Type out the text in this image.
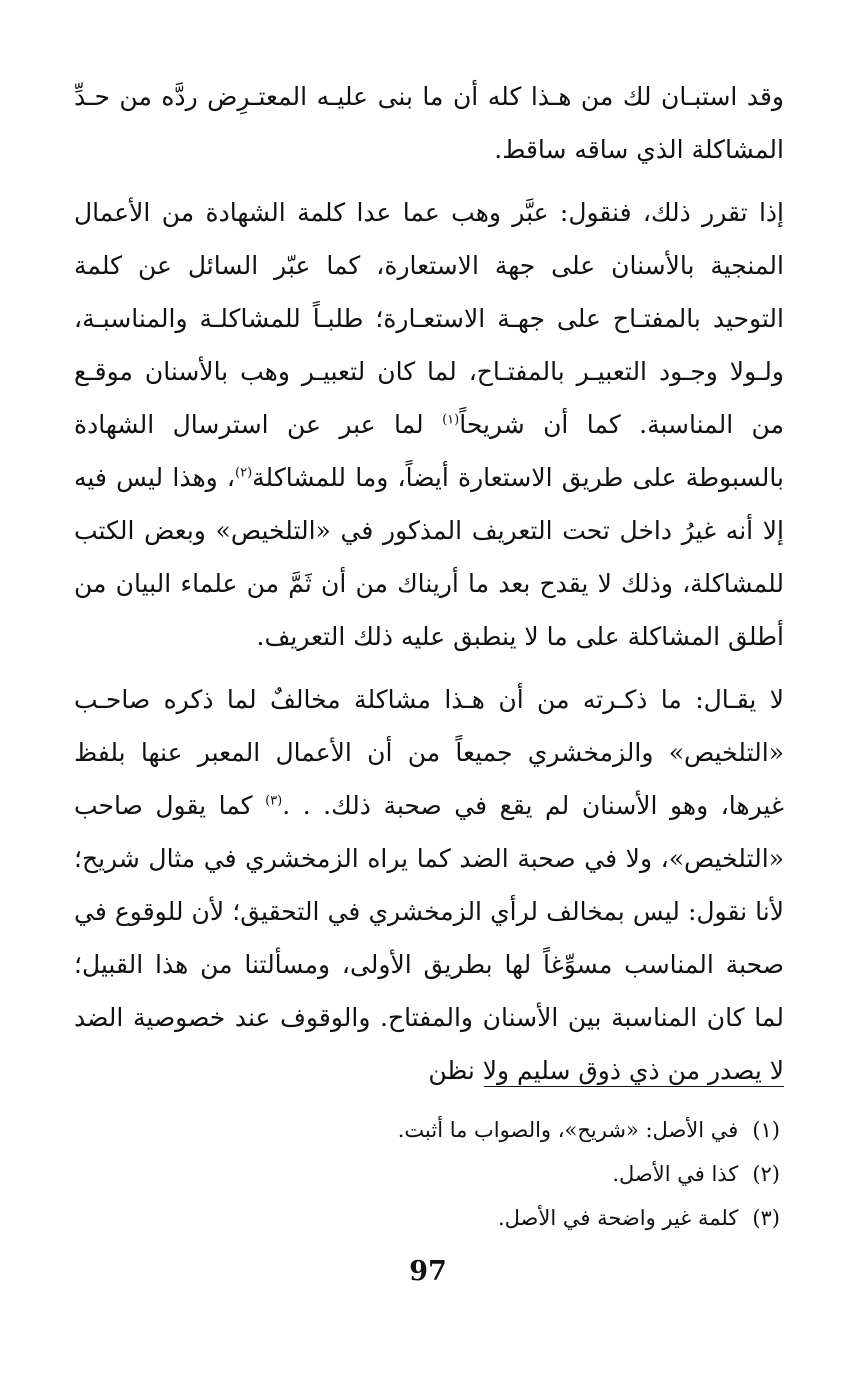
وقد استبـان لك من هـذا كله أن ما بنى عليـه المعتـرِض ردَّه من حـدِّ المشاكلة الذي ساقه ساقط.

إذا تقرر ذلك، فنقول: عبَّر وهب عما عدا كلمة الشهادة من الأعمال المنجية بالأسنان على جهة الاستعارة، كما عبّر السائل عن كلمة التوحيد بالمفتـاح على جهـة الاستعـارة؛ طلبـاً للمشاكلـة والمناسبـة، ولـولا وجـود التعبيـر بالمفتـاح، لما كان لتعبيـر وهب بالأسنان موقـع من المناسبة. كما أن شريحاً$^{(١)}$ لما عبر عن استرسال الشهادة بالسبوطة على طريق الاستعارة أيضاً، وما للمشاكلة$^{(٢)}$، وهذا ليس فيه إلا أنه غيرُ داخل تحت التعريف المذكور في «التلخيص» وبعض الكتب للمشاكلة، وذلك لا يقدح بعد ما أريناك من أن ثَمَّ من علماء البيان من أطلق المشاكلة على ما لا ينطبق عليه ذلك التعريف.

لا يقـال: ما ذكـرته من أن هـذا مشاكلة مخالفٌ لما ذكره صاحـب «التلخيص» والزمخشري جميعاً من أن الأعمال المعبر عنها بلفظ غيرها، وهو الأسنان لم يقع في صحبة ذلك. . .$^{(٣)}$ كما يقول صاحب «التلخيص»، ولا في صحبة الضد كما يراه الزمخشري في مثال شريح؛ لأنا نقول: ليس بمخالف لرأي الزمخشري في التحقيق؛ لأن للوقوع في صحبة المناسب مسوِّغاً لها بطريق الأولى، ومسألتنا من هذا القبيل؛ لما كان المناسبة بين الأسنان والمفتاح. والوقوف عند خصوصية الضد لا يصدر من ذي ذوق سليم ولا نظن

(١)
في الأصل: «شريح»، والصواب ما أثبت.
(٢)
كذا في الأصل.
(٣)
كلمة غير واضحة في الأصل.
97
